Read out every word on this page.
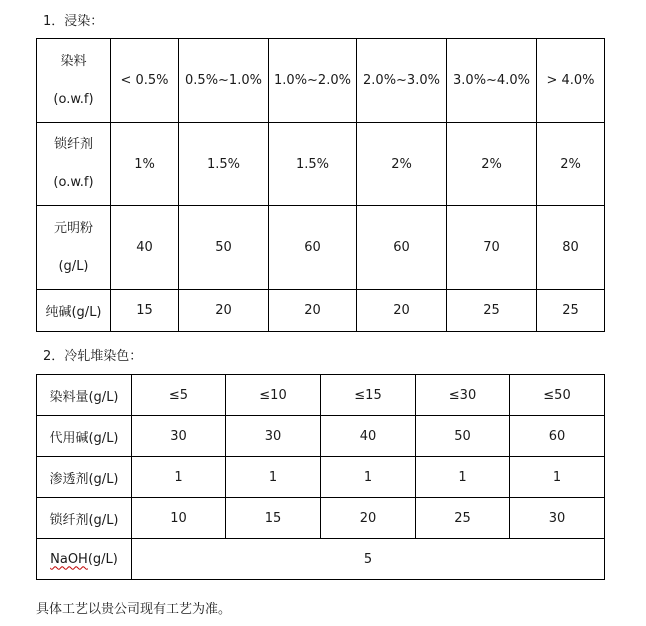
1．浸染：
染料
(o.w.f)	< 0.5%	0.5%~1.0%	1.0%~2.0%	2.0%~3.0%	3.0%~4.0%	> 4.0%
锁纤剂
(o.w.f)	1%	1.5%	1.5%	2%	2%	2%
元明粉
(g/L)	40	50	60	60	70	80
纯碱(g/L)	15	20	20	20	25	25
2．冷轧堆染色：
染料量(g/L)	≤5	≤10	≤15	≤30	≤50
代用碱(g/L)	30	30	40	50	60
渗透剂(g/L)	1	1	1	1	1
锁纤剂(g/L)	10	15	20	25	30
NaOH(g/L)	5				
具体工艺以贵公司现有工艺为准。
